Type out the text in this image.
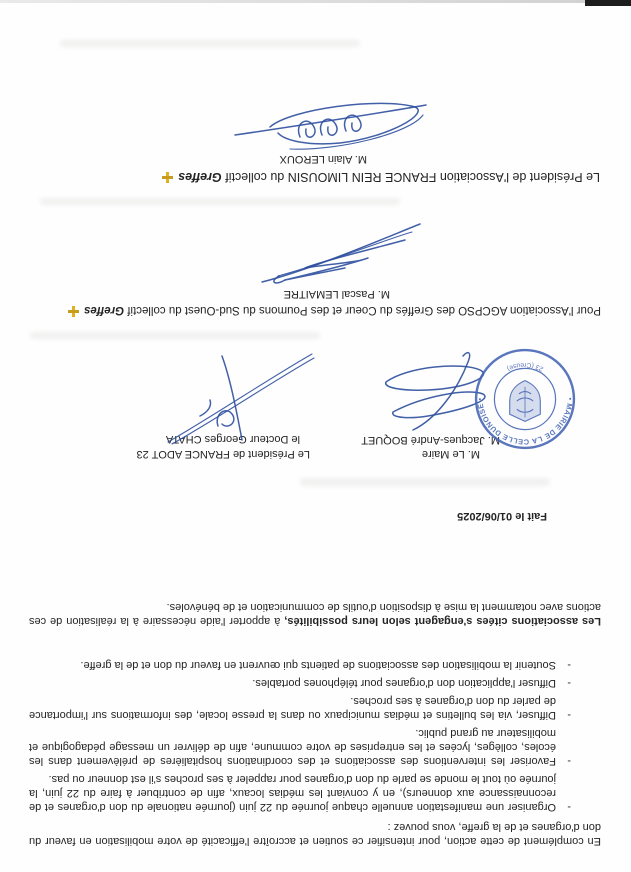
En complément de cette action, pour intensifier ce soutien et accroître l'efficacité de votre mobilisation en faveur du don d'organes et de la greffe, vous pouvez :

-
Organiser une manifestation annuelle chaque journée du 22 juin (journée nationale du don d'organes et de reconnaissance aux donneurs), en y conviant les médias locaux, afin de contribuer à faire du 22 juin, la journée où tout le monde se parle du don d'organes pour rappeler à ses proches s'il est donneur ou pas.
-
Favoriser les interventions des associations et des coordinations hospitalières de prélèvement dans les écoles, collèges, lycées et les entreprises de votre commune, afin de délivrer un message pédagogique et mobilisateur au grand public.
-
Diffuser, via les bulletins et médias municipaux ou dans la presse locale, des informations sur l'importance de parler du don d'organes à ses proches.
-
Diffuser l'application don d'organes pour téléphones portables.
-
Soutenir la mobilisation des associations de patients qui œuvrent en faveur du don et de la greffe.

Les associations citées s'engagent selon leurs possibilités, à apporter l'aide nécessaire à la réalisation de ces actions avec notamment la mise à disposition d'outils de communication et de bénévoles.

Fait le 01/06/2025
M. Le Maire
M. Jacques-André BOQUET
Le Président de FRANCE ADOT 23
le Docteur Georges CHATA
Pour l'Association AGCPSO des Greffés du Coeur et des Poumons du Sud-Ouest du collectif Greffes
M. Pascal LEMAITRE
Le Président de l'Association FRANCE REIN LIMOUSIN du collectif Greffes
M. Alain LEROUX
• MAIRIE DE LA CELLE DUNOISE •
23 (Creuse)
